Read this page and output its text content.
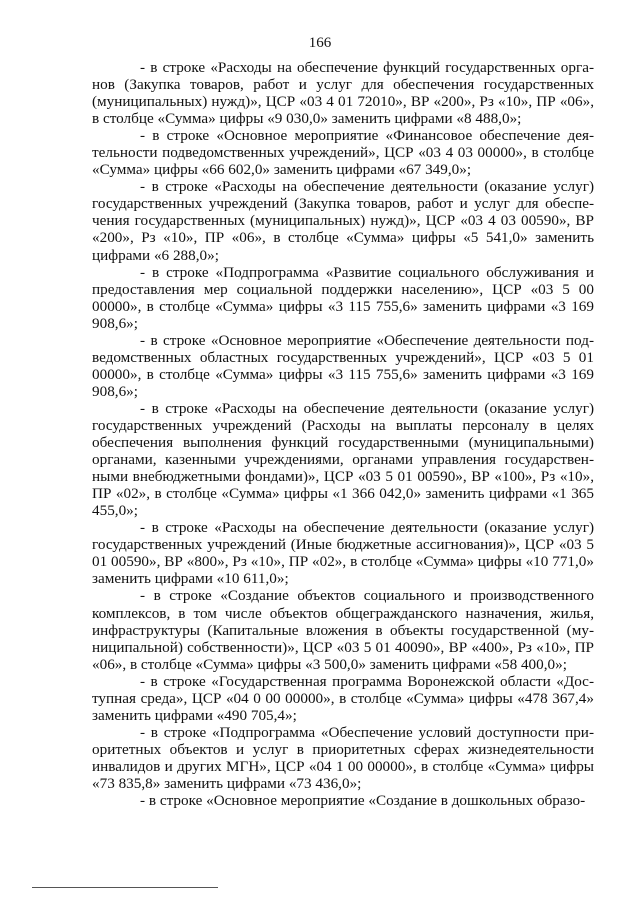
166

- в строке «Расходы на обеспечение функций государственных органов (Закупка товаров, работ и услуг для обеспечения государственных (муниципальных) нужд)», ЦСР «03 4 01 72010», ВР «200», Рз «10», ПР «06», в столбце «Сумма» цифры «9 030,0» заменить цифрами «8 488,0»;

- в строке «Основное мероприятие «Финансовое обеспечение деятельности подведомственных учреждений», ЦСР «03 4 03 00000», в столбце «Сумма» цифры «66 602,0» заменить цифрами «67 349,0»;

- в строке «Расходы на обеспечение деятельности (оказание услуг) государственных учреждений (Закупка товаров, работ и услуг для обеспечения государственных (муниципальных) нужд)», ЦСР «03 4 03 00590», ВР «200», Рз «10», ПР «06», в столбце «Сумма» цифры «5 541,0» заменить цифрами «6 288,0»;

- в строке «Подпрограмма «Развитие социального обслуживания и предоставления мер социальной поддержки населению», ЦСР «03 5 00 00000», в столбце «Сумма» цифры «3 115 755,6» заменить цифрами «3 169 908,6»;

- в строке «Основное мероприятие «Обеспечение деятельности подведомственных областных государственных учреждений», ЦСР «03 5 01 00000», в столбце «Сумма» цифры «3 115 755,6» заменить цифрами «3 169 908,6»;

- в строке «Расходы на обеспечение деятельности (оказание услуг) государственных учреждений (Расходы на выплаты персоналу в целях обеспечения выполнения функций государственными (муниципальными) органами, казенными учреждениями, органами управления государственными внебюджетными фондами)», ЦСР «03 5 01 00590», ВР «100», Рз «10», ПР «02», в столбце «Сумма» цифры «1 366 042,0» заменить цифрами «1 365 455,0»;

- в строке «Расходы на обеспечение деятельности (оказание услуг) государственных учреждений (Иные бюджетные ассигнования)», ЦСР «03 5 01 00590», ВР «800», Рз «10», ПР «02», в столбце «Сумма» цифры «10 771,0» заменить цифрами «10 611,0»;

- в строке «Создание объектов социального и производственного комплексов, в том числе объектов общегражданского назначения, жилья, инфраструктуры (Капитальные вложения в объекты государственной (муниципальной) собственности)», ЦСР «03 5 01 40090», ВР «400», Рз «10», ПР «06», в столбце «Сумма» цифры «3 500,0» заменить цифрами «58 400,0»;

- в строке «Государственная программа Воронежской области «Доступная среда», ЦСР «04 0 00 00000», в столбце «Сумма» цифры «478 367,4» заменить цифрами «490 705,4»;

- в строке «Подпрограмма «Обеспечение условий доступности приоритетных объектов и услуг в приоритетных сферах жизнедеятельности инвалидов и других МГН», ЦСР «04 1 00 00000», в столбце «Сумма» цифры «73 835,8» заменить цифрами «73 436,0»;

- в строке «Основное мероприятие «Создание в дошкольных образо-
